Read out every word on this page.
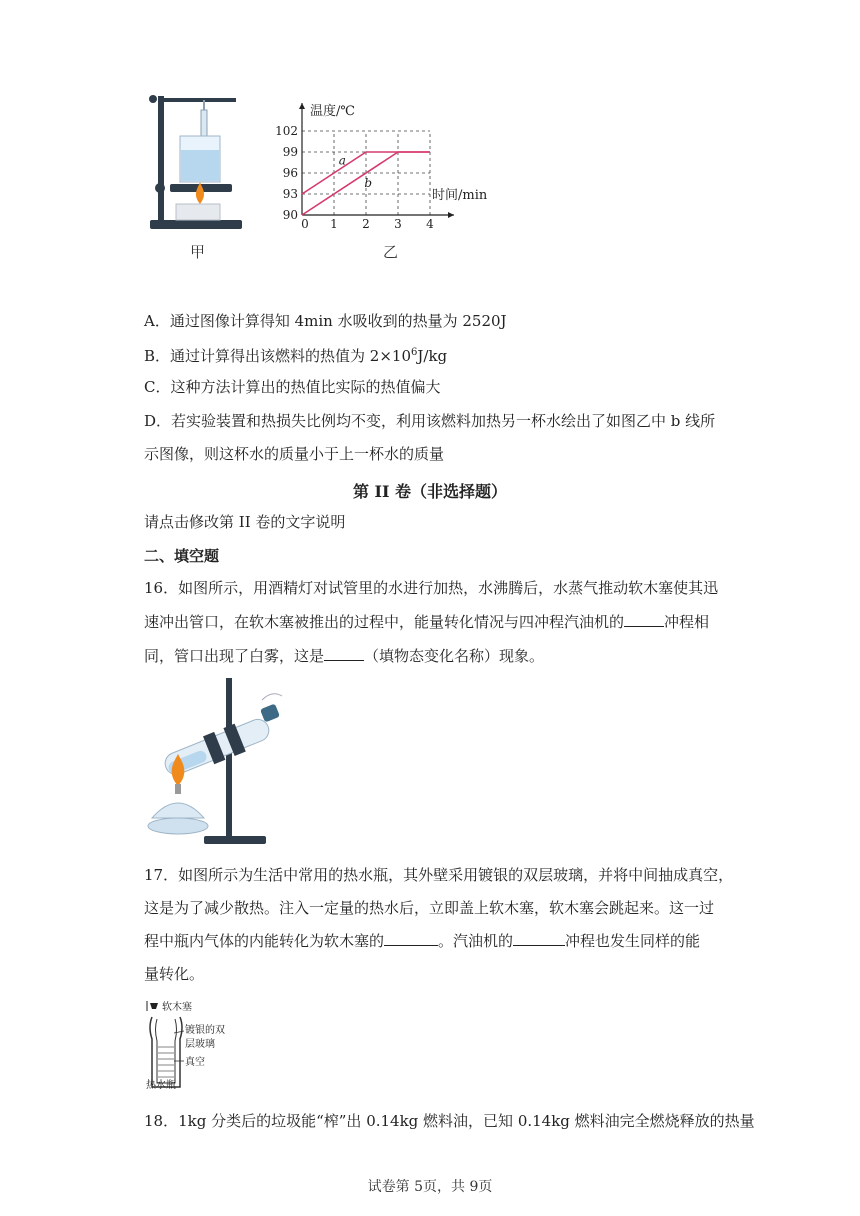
甲
90
93
96
99
102
0 1 2 3 4
温度/℃
时间/min
a
b
乙
A．通过图像计算得知 4min 水吸收到的热量为 2520J
B．通过计算得出该燃料的热值为 $2\times 10^6J/kg$
C．这种方法计算出的热值比实际的热值偏大
D．若实验装置和热损失比例均不变，利用该燃料加热另一杯水绘出了如图乙中 b 线所
示图像，则这杯水的质量小于上一杯水的质量
第 II 卷（非选择题）
请点击修改第 II 卷的文字说明
二、填空题
16．如图所示，用酒精灯对试管里的水进行加热，水沸腾后，水蒸气推动软木塞使其迅
速冲出管口，在软木塞被推出的过程中，能量转化情况与四冲程汽油机的	冲程相
同，管口出现了白雾，这是	（填物态变化名称）现象。
17．如图所示为生活中常用的热水瓶，其外壁采用镀银的双层玻璃，并将中间抽成真空，
这是为了减少散热。注入一定量的热水后，立即盖上软木塞，软木塞会跳起来。这一过
程中瓶内气体的内能转化为软木塞的	。汽油机的	冲程也发生同样的能
量转化。
软木塞
镀银的双
层玻璃
真空
热水瓶
18．1kg 分类后的垃圾能“榨”出 0.14kg 燃料油，已知 0.14kg 燃料油完全燃烧释放的热量
试卷第 5页，共 9页
